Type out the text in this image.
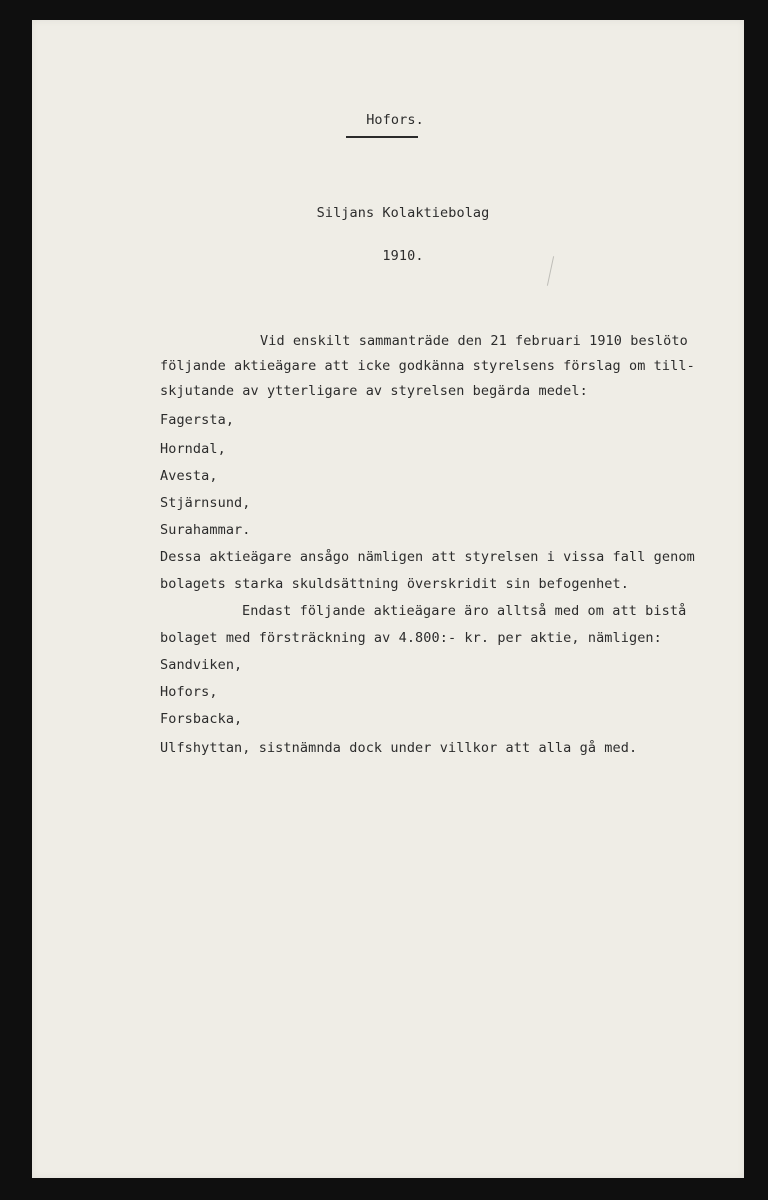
Hofors.
Siljans Kolaktiebolag
1910.
Vid enskilt sammanträde den 21 februari 1910 beslöto
följande aktieägare att icke godkänna styrelsens förslag om till-
skjutande av ytterligare av styrelsen begärda medel:
Fagersta,
Horndal,
Avesta,
Stjärnsund,
Surahammar.
Dessa aktieägare ansågo nämligen att styrelsen i vissa fall genom
bolagets starka skuldsättning överskridit sin befogenhet.
Endast följande aktieägare äro alltså med om att bistå
bolaget med försträckning av 4.800:- kr. per aktie, nämligen:
Sandviken,
Hofors,
Forsbacka,
Ulfshyttan, sistnämnda dock under villkor att alla gå med.
